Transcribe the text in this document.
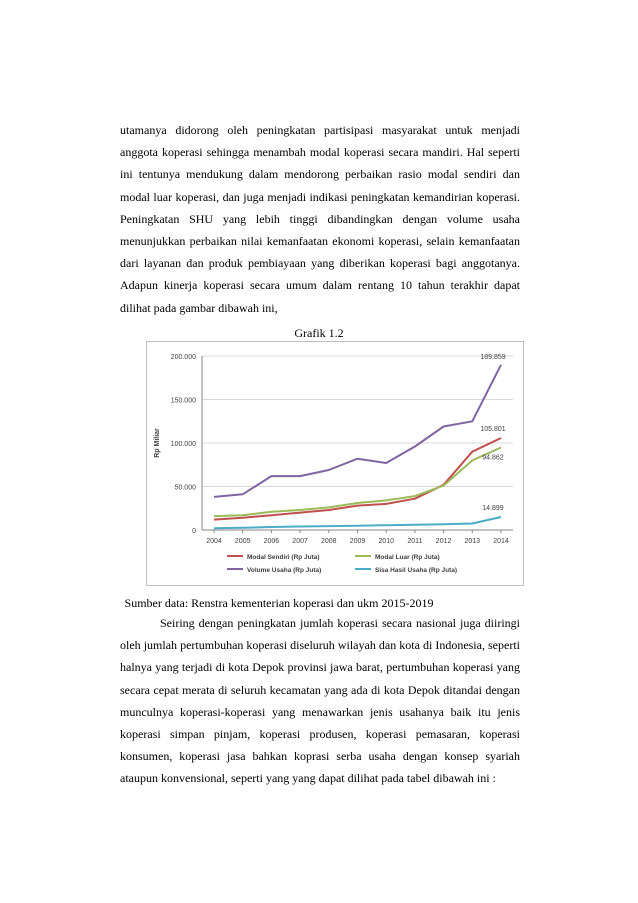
utamanya didorong oleh peningkatan partisipasi masyarakat untuk menjadi anggota koperasi sehingga menambah modal koperasi secara mandiri. Hal seperti ini tentunya mendukung dalam mendorong perbaikan rasio modal sendiri dan modal luar koperasi, dan juga menjadi indikasi peningkatan kemandirian koperasi. Peningkatan SHU yang lebih tinggi dibandingkan dengan volume usaha menunjukkan perbaikan nilai kemanfaatan ekonomi koperasi, selain kemanfaatan dari layanan dan produk pembiayaan yang diberikan koperasi bagi anggotanya. Adapun kinerja koperasi secara umum dalam rentang 10 tahun terakhir dapat dilihat pada gambar dibawah ini,

Grafik 1.2
0
50.000
100.000
150.000
200.000
Rp Miliar
2004 2005 2006 2007 2008 2009 2010 2011 2012 2013 2014
189.859
105.801
94.862
14.899
Modal Sendiri (Rp Juta)	Modal Luar (Rp Juta)
Volume Usaha (Rp Juta)	Sisa Hasil Usaha (Rp Juta)
Sumber data: Renstra kementerian koperasi dan ukm 2015-2019

Seiring dengan peningkatan jumlah koperasi secara nasional juga diiringi oleh jumlah pertumbuhan koperasi diseluruh wilayah dan kota di Indonesia, seperti halnya yang terjadi di kota Depok provinsi jawa barat, pertumbuhan koperasi yang secara cepat merata di seluruh kecamatan yang ada di kota Depok ditandai dengan munculnya koperasi-koperasi yang menawarkan jenis usahanya baik itu jenis koperasi simpan pinjam, koperasi produsen, koperasi pemasaran, koperasi konsumen, koperasi jasa bahkan koprasi serba usaha dengan konsep syariah ataupun konvensional, seperti yang yang dapat dilihat pada tabel dibawah ini :
